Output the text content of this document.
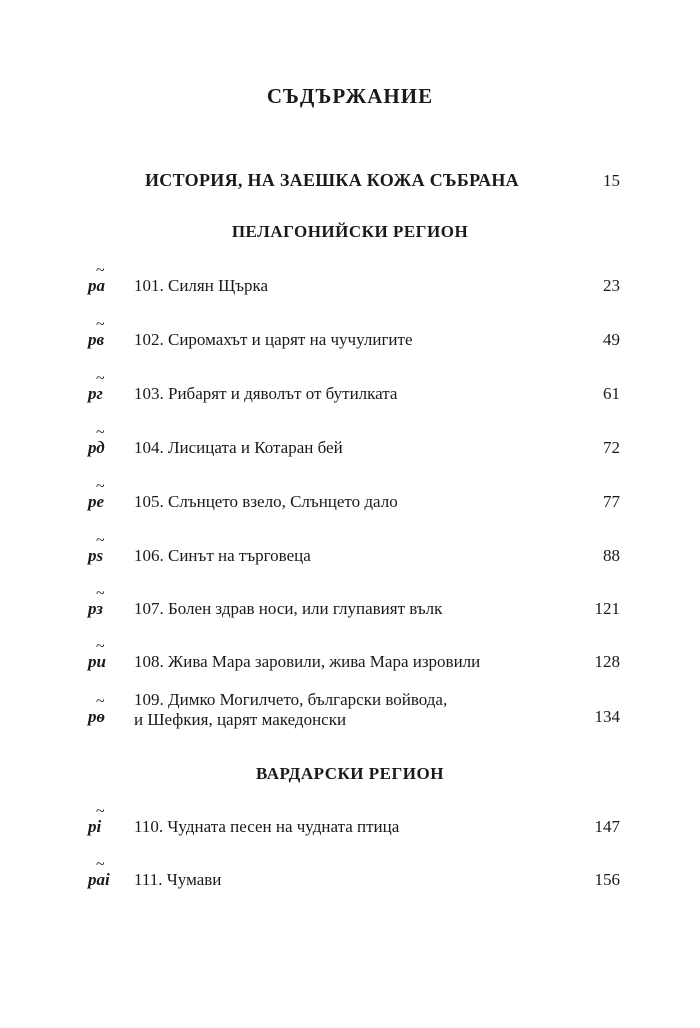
СЪДЪРЖАНИЕ
ИСТОРИЯ, НА ЗАЕШКА КОЖА СЪБРАНА	15
ПЕЛАГОНИЙСКИ РЕГИОН
~
ра 101. Силян Щърка	23
~
рв 102. Сиромахът и царят на чучулигите	49
~
рг 103. Рибарят и дяволът от бутилката	61
~
рд 104. Лисицата и Котаран бей	72
~
ре 105. Слънцето взело, Слънцето дало	77
~
рѕ 106. Синът на търговеца	88
~
рз 107. Болен здрав носи, или глупавият вълк	121
~
ри 108. Жива Мара заровили, жива Мара изровили	128
~
рѳ
109. Димко Могилчето, български войвода,
и Шефкия, царят македонски	134
ВАРДАРСКИ РЕГИОН
~
рі 110. Чудната песен на чудната птица	147
~
раі 111. Чумави	156
